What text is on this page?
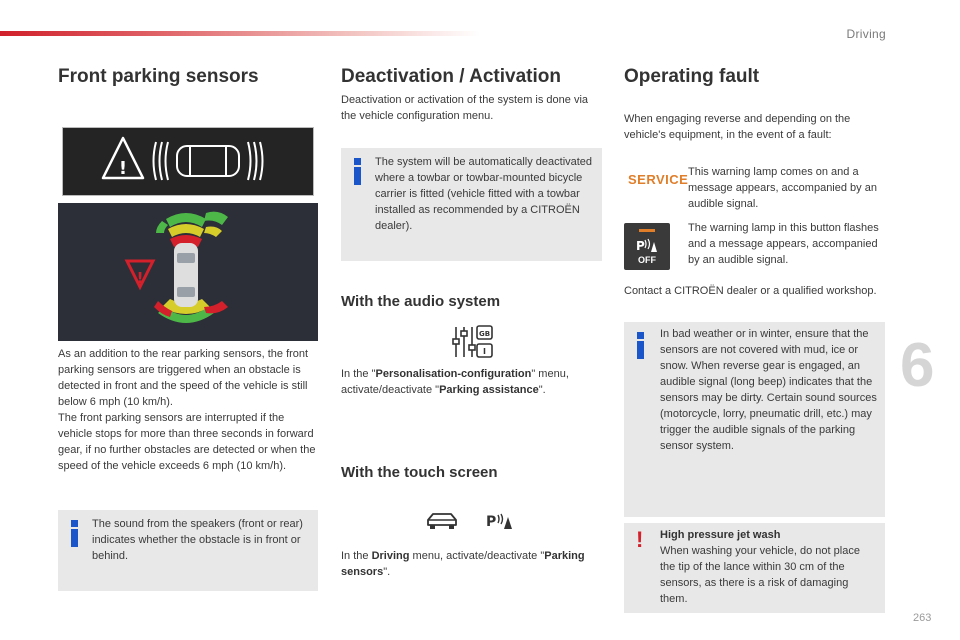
Driving
Front parking sensors
!
!

As an addition to the rear parking sensors, the front parking sensors are triggered when an obstacle is detected in front and the speed of the vehicle is still below 6 mph (10 km/h).

The front parking sensors are interrupted if the vehicle stops for more than three seconds in forward gear, if no further obstacles are detected or when the speed of the vehicle exceeds 6 mph (10 km/h).

The sound from the speakers (front or rear) indicates whether the obstacle is in front or behind.

Deactivation / Activation

Deactivation or activation of the system is done via the vehicle configuration menu.

The system will be automatically deactivated where a towbar or towbar-mounted bicycle carrier is fitted (vehicle fitted with a towbar installed as recommended by a CITROËN dealer).

With the audio system
GB
I

In the "Personalisation-configuration" menu, activate/deactivate "Parking assistance".

With the touch screen
P

In the Driving menu, activate/deactivate "Parking sensors".

Operating fault

When engaging reverse and depending on the vehicle's equipment, in the event of a fault:

SERVICE This warning lamp comes on and a message appears, accompanied by an audible signal.

P
OFF

The warning lamp in this button flashes and a message appears, accompanied by an audible signal.

Contact a CITROËN dealer or a qualified workshop.

In bad weather or in winter, ensure that the sensors are not covered with mud, ice or snow. When reverse gear is engaged, an audible signal (long beep) indicates that the sensors may be dirty. Certain sound sources (motorcycle, lorry, pneumatic drill, etc.) may trigger the audible signals of the parking sensor system.

! High pressure jet wash

When washing your vehicle, do not place the tip of the lance within 30 cm of the sensors, as there is a risk of damaging them.

6
263
